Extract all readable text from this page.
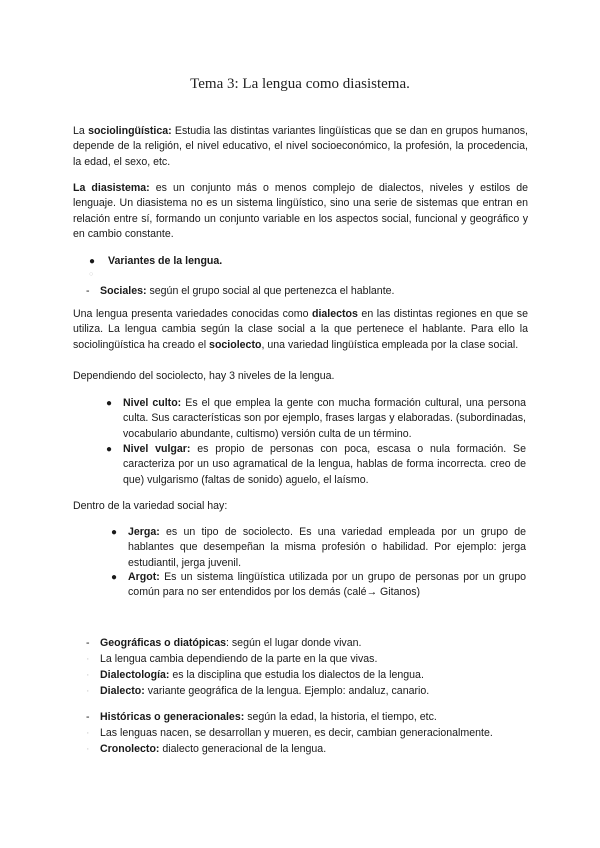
Tema 3: La lengua como diasistema.

La sociolingüística: Estudia las distintas variantes lingüísticas que se dan en grupos humanos, depende de la religión, el nivel educativo, el nivel socioeconómico, la profesión, la procedencia, la edad, el sexo, etc.

La diasistema: es un conjunto más o menos complejo de dialectos, niveles y estilos de lenguaje. Un diasistema no es un sistema lingüístico, sino una serie de sistemas que entran en relación entre sí, formando un conjunto variable en los aspectos social, funcional y geográfico y en cambio constante.

● Variantes de la lengua.
○
- Sociales: según el grupo social al que pertenezca el hablante.

Una lengua presenta variedades conocidas como dialectos en las distintas regiones en que se utiliza. La lengua cambia según la clase social a la que pertenece el hablante. Para ello la sociolingüística ha creado el sociolecto, una variedad lingüística empleada por la clase social.

Dependiendo del sociolecto, hay 3 niveles de la lengua.

● Nivel culto: Es el que emplea la gente con mucha formación cultural, una persona culta. Sus características son por ejemplo, frases largas y elaboradas. (subordinadas, vocabulario abundante, cultismo) versión culta de un término.

● Nivel vulgar: es propio de personas con poca, escasa o nula formación. Se caracteriza por un uso agramatical de la lengua, hablas de forma incorrecta. creo de que) vulgarismo (faltas de sonido) aguelo, el laísmo.

Dentro de la variedad social hay:

● Jerga: es un tipo de sociolecto. Es una variedad empleada por un grupo de hablantes que desempeñan la misma profesión o habilidad. Por ejemplo: jerga estudiantil, jerga juvenil.

● Argot: Es un sistema lingüística utilizada por un grupo de personas por un grupo común para no ser entendidos por los demás (calé→ Gitanos)

- Geográficas o diatópicas: según el lugar donde vivan.
· La lengua cambia dependiendo de la parte en la que vivas.
· Dialectología: es la disciplina que estudia los dialectos de la lengua.
· Dialecto: variante geográfica de la lengua. Ejemplo: andaluz, canario.
- Históricas o generacionales: según la edad, la historia, el tiempo, etc.
· Las lenguas nacen, se desarrollan y mueren, es decir, cambian generacionalmente.
· Cronolecto: dialecto generacional de la lengua.
